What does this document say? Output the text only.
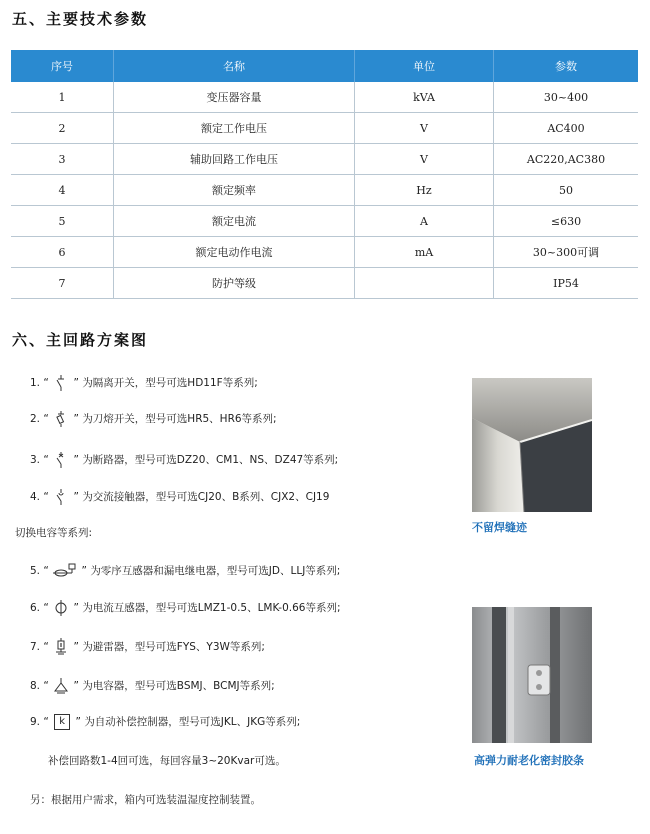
五、主要技术参数
序号	名称	单位	参数
1	变压器容量	kVA	30~400
2	额定工作电压	V	AC400
3	辅助回路工作电压	V	AC220,AC380
4	额定频率	Hz	50
5	额定电流	A	≤630
6	额定电动作电流	mA	30~300可调
7	防护等级		IP54
六、主回路方案图
1. “ ” 为隔离开关，型号可选HD11F等系列;
2. “ ” 为刀熔开关，型号可选HR5、HR6等系列;
3. “ ” 为断路器，型号可选DZ20、CM1、NS、DZ47等系列;
4. “ ” 为交流接触器，型号可选CJ20、B系列、CJX2、CJ19
切换电容等系列:
5. “	” 为零序互感器和漏电继电器，型号可选JD、LLJ等系列;
6. “ ” 为电流互感器，型号可选LMZ1-0.5、LMK-0.66等系列;
7. “ ” 为避雷器，型号可选FYS、Y3W等系列;
8. “ ” 为电容器，型号可选BSMJ、BCMJ等系列;
9. “ k ” 为自动补偿控制器，型号可选JKL、JKG等系列;
补偿回路数1-4回可选，每回容量3~20Kvar可选。
另：根据用户需求，箱内可选装温湿度控制装置。
不留焊缝迹
高弹力耐老化密封胶条
